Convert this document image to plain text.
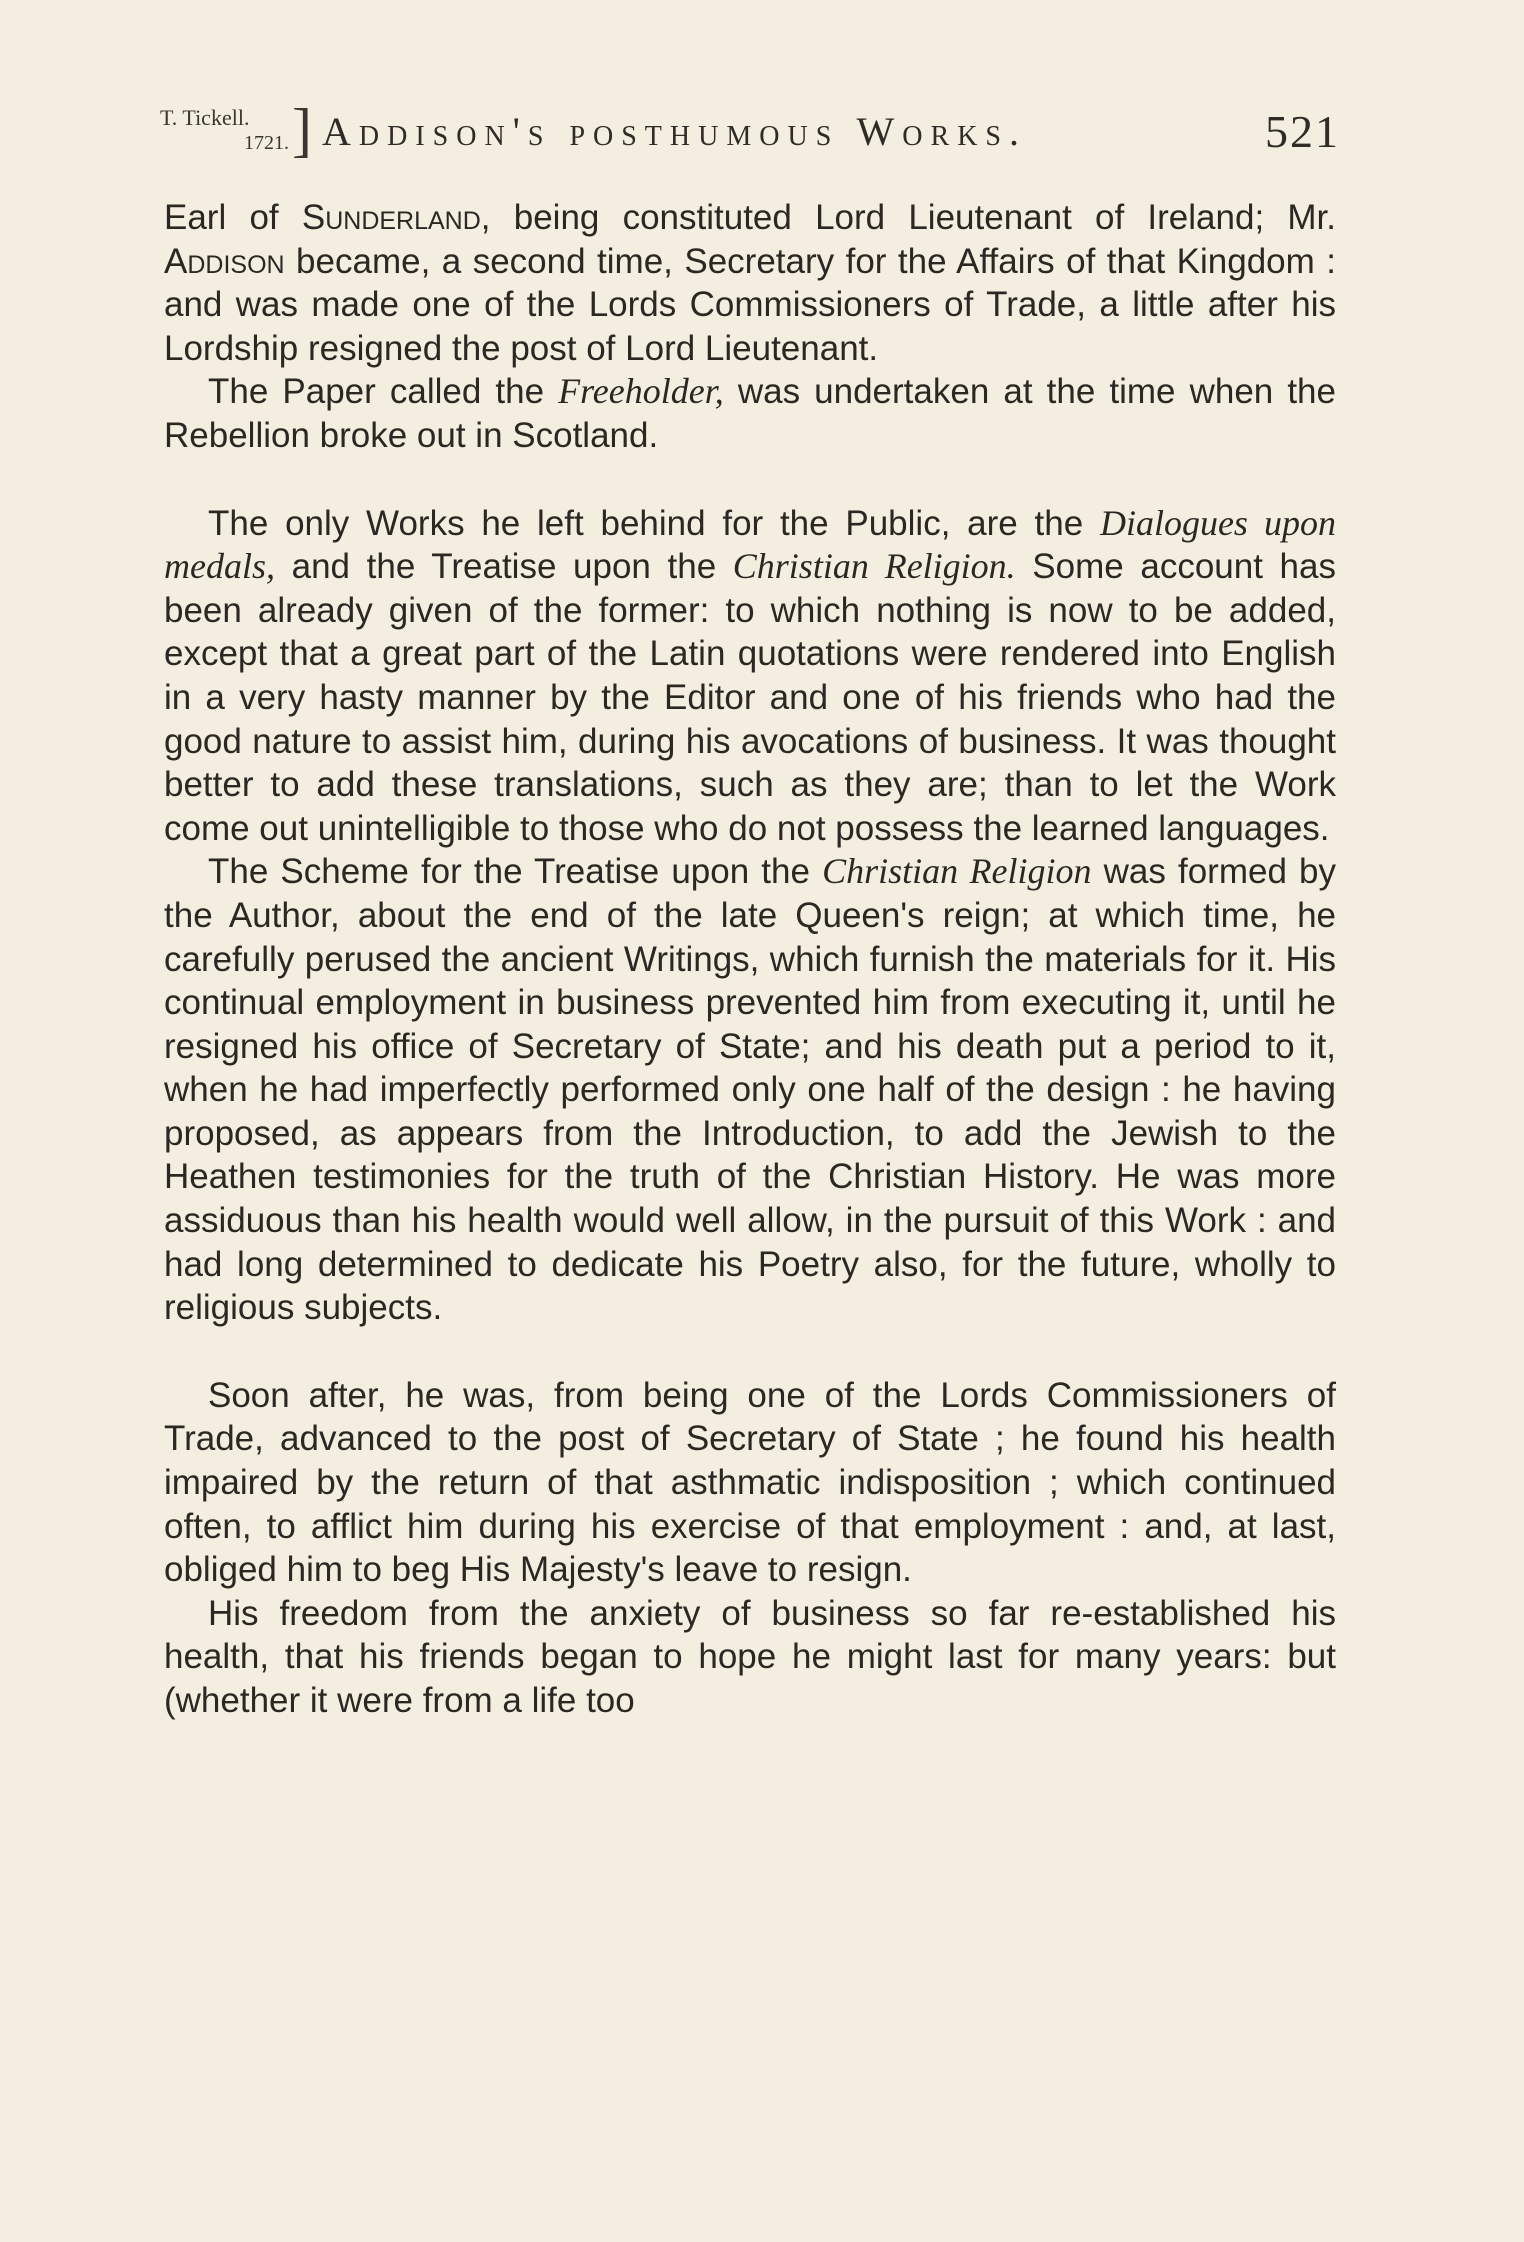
T. Tickell.
1721. ] Addison's posthumous Works.	521

Earl of Sunderland, being constituted Lord Lieutenant of Ireland; Mr. Addison became, a second time, Secretary for the Affairs of that Kingdom : and was made one of the Lords Commissioners of Trade, a little after his Lordship resigned the post of Lord Lieutenant.

The Paper called the Freeholder, was undertaken at the time when the Rebellion broke out in Scotland.

The only Works he left behind for the Public, are the Dialogues upon medals, and the Treatise upon the Christian Religion. Some account has been already given of the former: to which nothing is now to be added, except that a great part of the Latin quotations were rendered into English in a very hasty manner by the Editor and one of his friends who had the good nature to assist him, during his avocations of business. It was thought better to add these translations, such as they are; than to let the Work come out unintelligible to those who do not possess the learned languages.

The Scheme for the Treatise upon the Christian Religion was formed by the Author, about the end of the late Queen's reign; at which time, he carefully perused the ancient Writings, which furnish the materials for it. His continual employment in business prevented him from executing it, until he resigned his office of Secretary of State; and his death put a period to it, when he had imperfectly performed only one half of the design : he having proposed, as appears from the Introduction, to add the Jewish to the Heathen testimonies for the truth of the Christian History. He was more assiduous than his health would well allow, in the pursuit of this Work : and had long determined to dedicate his Poetry also, for the future, wholly to religious subjects.

Soon after, he was, from being one of the Lords Commissioners of Trade, advanced to the post of Secretary of State ; he found his health impaired by the return of that asthmatic indisposition ; which continued often, to afflict him during his exercise of that employment : and, at last, obliged him to beg His Majesty's leave to resign.

His freedom from the anxiety of business so far re-established his health, that his friends began to hope he might last for many years: but (whether it were from a life too
